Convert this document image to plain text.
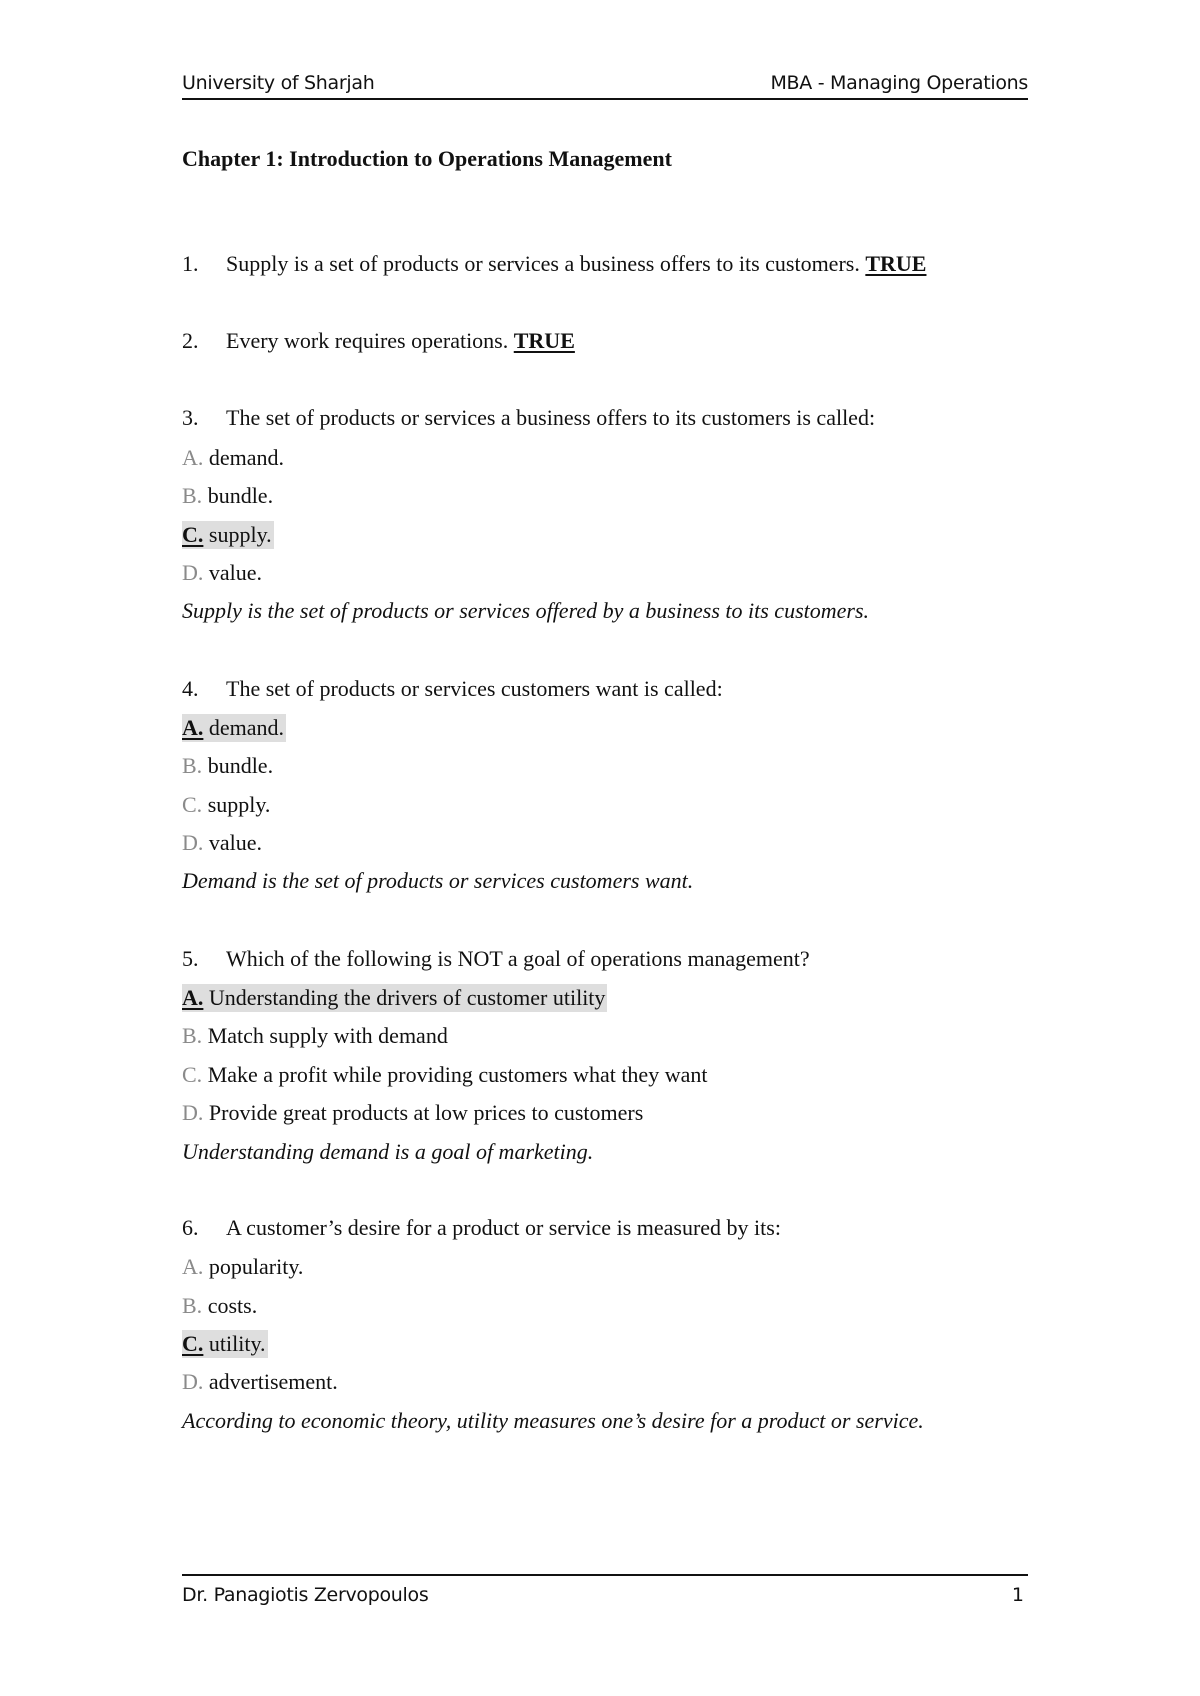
University of Sharjah	MBA - Managing Operations
Chapter 1: Introduction to Operations Management
1. Supply is a set of products or services a business offers to its customers. TRUE
2. Every work requires operations. TRUE
3. The set of products or services a business offers to its customers is called:
A. demand.
B. bundle.
C. supply.
D. value.
Supply is the set of products or services offered by a business to its customers.
4. The set of products or services customers want is called:
A. demand.
B. bundle.
C. supply.
D. value.
Demand is the set of products or services customers want.
5. Which of the following is NOT a goal of operations management?
A. Understanding the drivers of customer utility
B. Match supply with demand
C. Make a profit while providing customers what they want
D. Provide great products at low prices to customers
Understanding demand is a goal of marketing.
6. A customer’s desire for a product or service is measured by its:
A. popularity.
B. costs.
C. utility.
D. advertisement.
According to economic theory, utility measures one’s desire for a product or service.
Dr. Panagiotis Zervopoulos	1
